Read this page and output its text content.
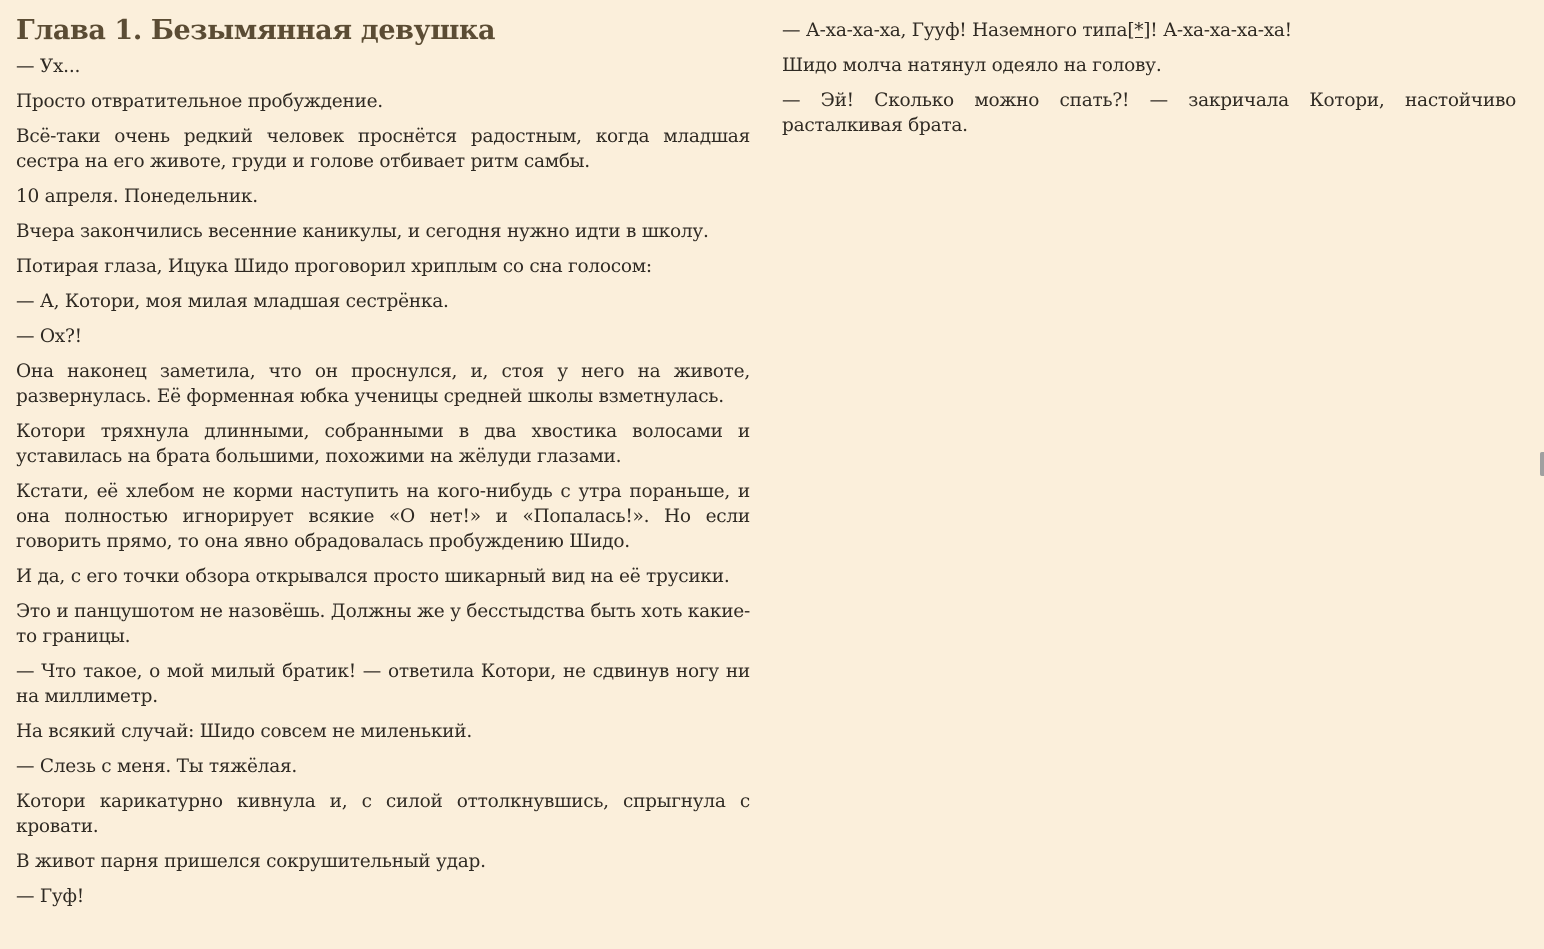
Глава 1. Безымянная девушка

— Ух...

Просто отвратительное пробуждение.

Всё-таки очень редкий человек проснётся радостным, когда младшая сестра на его животе, груди и голове отбивает ритм самбы.

10 апреля. Понедельник.

Вчера закончились весенние каникулы, и сегодня нужно идти в школу.

Потирая глаза, Ицука Шидо проговорил хриплым со сна голосом:

— А, Котори, моя милая младшая сестрёнка.

— Ох?!

Она наконец заметила, что он проснулся, и, стоя у него на животе, развернулась. Её форменная юбка ученицы средней школы взметнулась.

Котори тряхнула длинными, собранными в два хвостика волосами и уставилась на брата большими, похожими на жёлуди глазами.

Кстати, её хлебом не корми наступить на кого-нибудь с утра пораньше, и она полностью игнорирует всякие «О нет!» и «Попалась!». Но если говорить прямо, то она явно обрадовалась пробуждению Шидо.

И да, с его точки обзора открывался просто шикарный вид на её трусики.

Это и панцушотом не назовёшь. Должны же у бесстыдства быть хоть какие-то границы.

— Что такое, о мой милый братик! — ответила Котори, не сдвинув ногу ни на миллиметр.

На всякий случай: Шидо совсем не миленький.

— Слезь с меня. Ты тяжёлая.

Котори карикатурно кивнула и, с силой оттолкнувшись, спрыгнула с кровати.

В живот парня пришелся сокрушительный удар.

— Гуф!

— А-ха-ха-ха, Гууф! Наземного типа[*]! А-ха-ха-ха-ха!

Шидо молча натянул одеяло на голову.

— Эй! Сколько можно спать?! — закричала Котори, настойчиво расталкивая брата.
